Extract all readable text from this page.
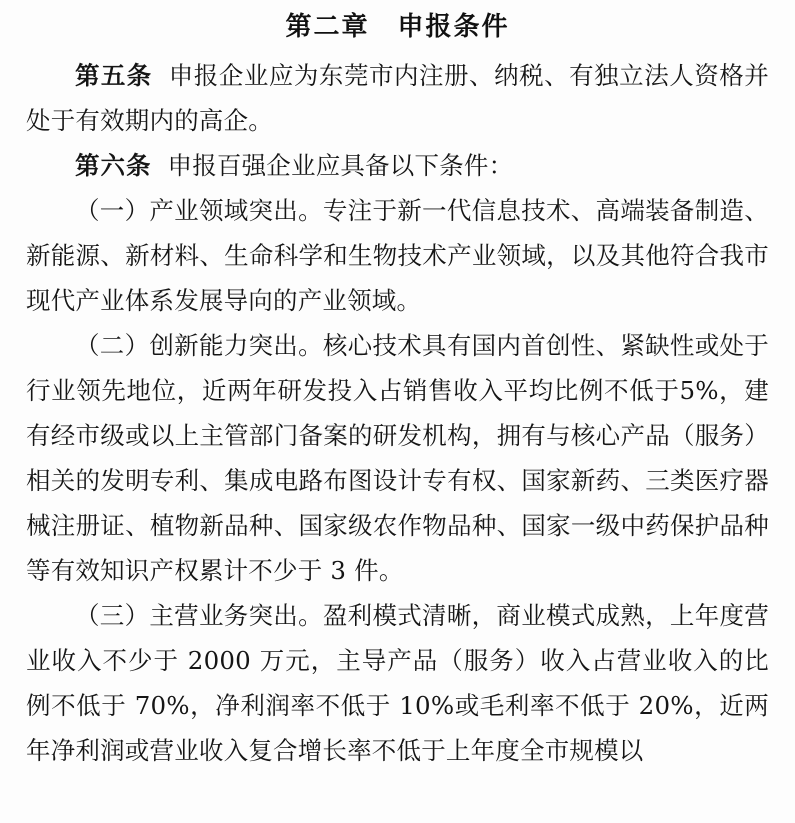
第二章　申报条件

第五条 申报企业应为东莞市内注册、纳税、有独立法人资格并处于有效期内的高企。

第六条 申报百强企业应具备以下条件：

（一）产业领域突出。专注于新一代信息技术、高端装备制造、新能源、新材料、生命科学和生物技术产业领域，以及其他符合我市现代产业体系发展导向的产业领域。

（二）创新能力突出。核心技术具有国内首创性、紧缺性或处于行业领先地位，近两年研发投入占销售收入平均比例不低于5%，建有经市级或以上主管部门备案的研发机构，拥有与核心产品（服务）相关的发明专利、集成电路布图设计专有权、国家新药、三类医疗器械注册证、植物新品种、国家级农作物品种、国家一级中药保护品种等有效知识产权累计不少于 3 件。

（三）主营业务突出。盈利模式清晰，商业模式成熟，上年度营业收入不少于 2000 万元，主导产品（服务）收入占营业收入的比例不低于 70%，净利润率不低于 10%或毛利率不低于 20%，近两年净利润或营业收入复合增长率不低于上年度全市规模以
